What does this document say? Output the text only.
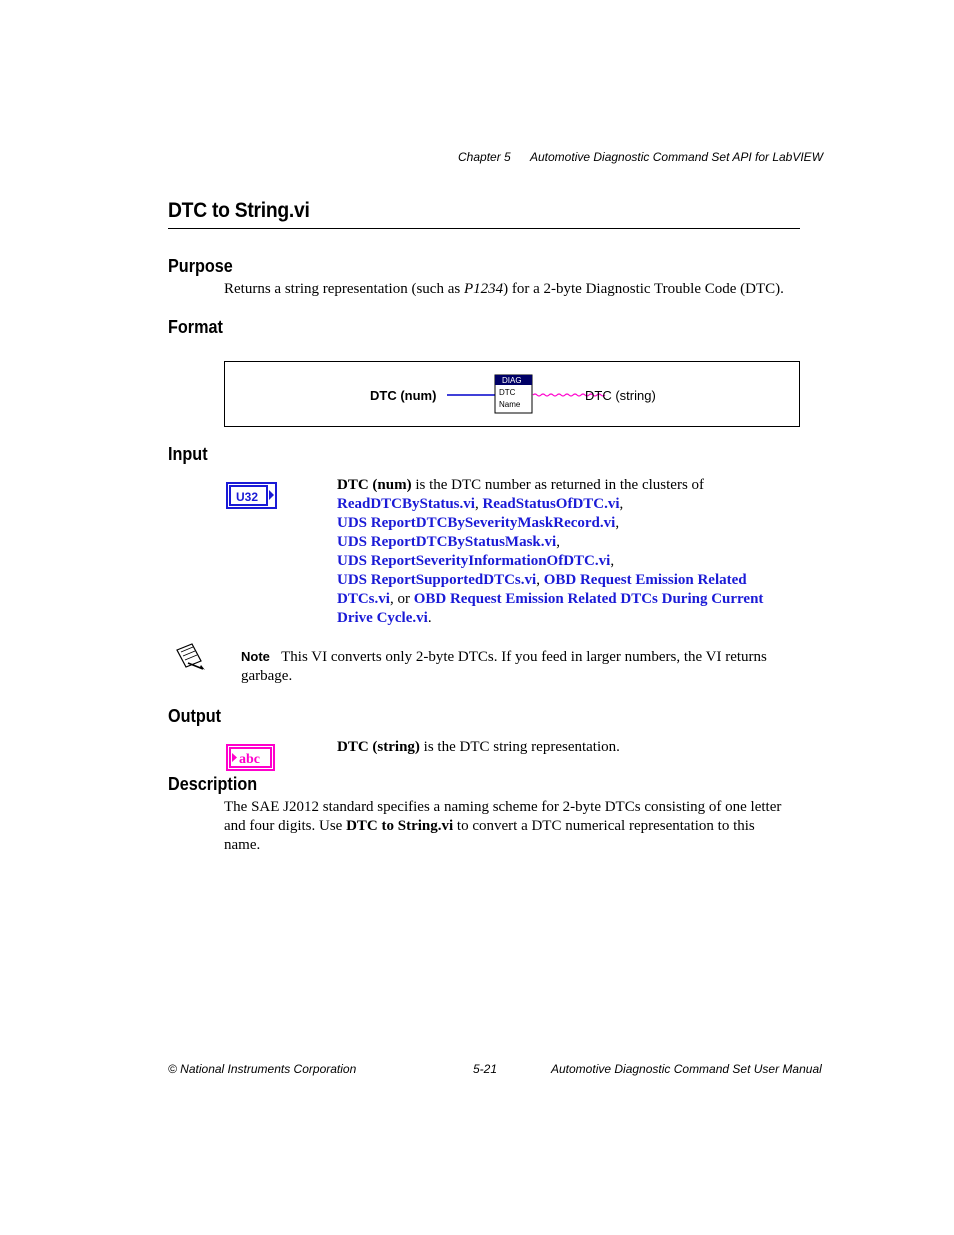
Chapter 5 Automotive Diagnostic Command Set API for LabVIEW
DTC to String.vi
Purpose
Returns a string representation (such as P1234) for a 2-byte Diagnostic Trouble Code (DTC).
Format
DTC (num)
DIAG
DTC
Name
DTC (string)
Input
U32
DTC (num) is the DTC number as returned in the clusters of
ReadDTCByStatus.vi, ReadStatusOfDTC.vi,
UDS ReportDTCBySeverityMaskRecord.vi,
UDS ReportDTCByStatusMask.vi,
UDS ReportSeverityInformationOfDTC.vi,
UDS ReportSupportedDTCs.vi, OBD Request Emission Related
DTCs.vi, or OBD Request Emission Related DTCs During Current
Drive Cycle.vi.
Note This VI converts only 2-byte DTCs. If you feed in larger numbers, the VI returns
garbage.
Output
abc
DTC (string) is the DTC string representation.
Description
The SAE J2012 standard specifies a naming scheme for 2-byte DTCs consisting of one letter
and four digits. Use DTC to String.vi to convert a DTC numerical representation to this
name.
© National Instruments Corporation	5-21	Automotive Diagnostic Command Set User Manual
